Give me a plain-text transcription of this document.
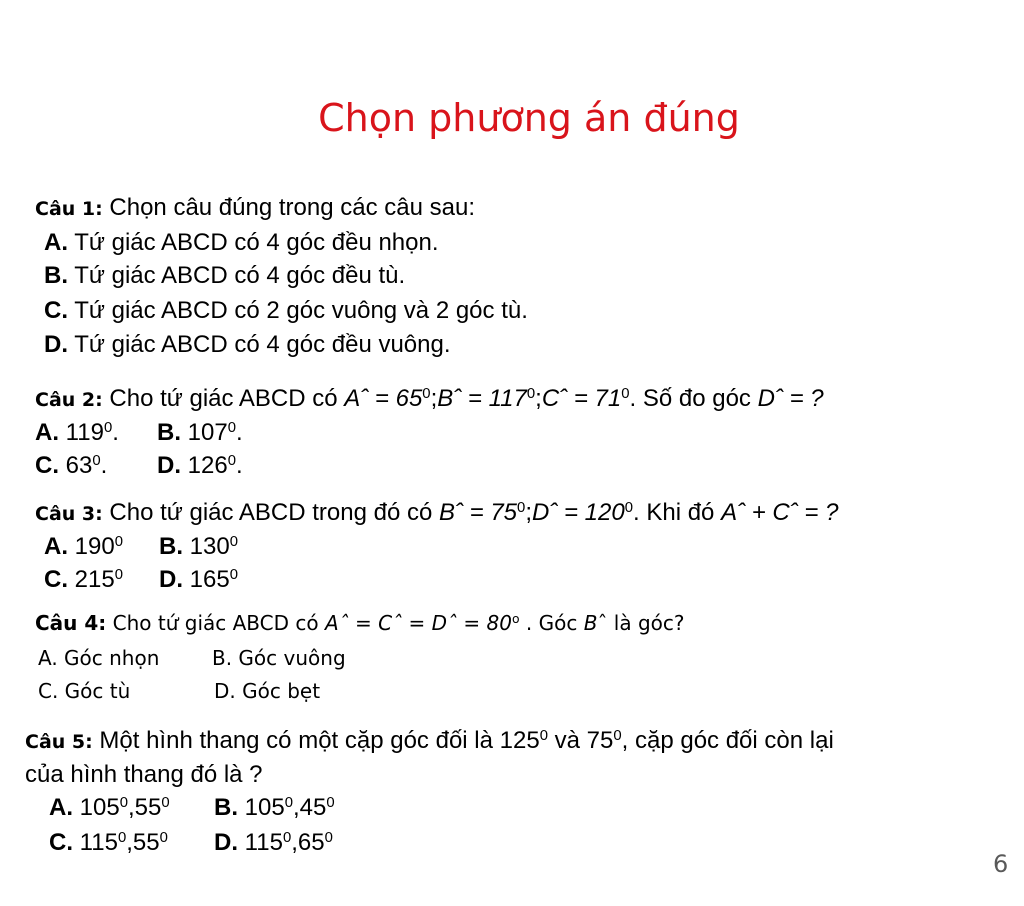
Chọn phương án đúng
Câu 1: Chọn câu đúng trong các câu sau:
A. Tứ giác ABCD có 4 góc đều nhọn.
B. Tứ giác ABCD có 4 góc đều tù.
C. Tứ giác ABCD có 2 góc vuông và 2 góc tù.
D. Tứ giác ABCD có 4 góc đều vuông.
Câu 2: Cho tứ giác ABCD có Aˆ = $65^0;Bˆ$ = $117^0;Cˆ = 71^0$. Số đo góc Dˆ = ?
A. $119^0$. B. $107^0$.
C. $63^0$. D. $126^0$.
Câu 3: Cho tứ giác ABCD trong đó có Bˆ = $75^0;Dˆ = 120^0$. Khi đó Aˆ + Cˆ = ?
A. $190^0$ B. $130^0$
C. $215^0$ D. $165^0$
Câu 4: Cho tứ giác ABCD có Aˆ = Cˆ = Dˆ = $80^o$ . Góc Bˆ là góc?
A. Góc nhọn	B. Góc vuông
C. Góc tù	D. Góc bẹt
Câu 5: Một hình thang có một cặp góc đối là $125^0$ và $75^0$, cặp góc đối còn lại
của hình thang đó là ?
A. $105^0,55^0$ B. $105^0,45^0$
C. $115^0,55^0$ D. $115^0,65^0$
6
